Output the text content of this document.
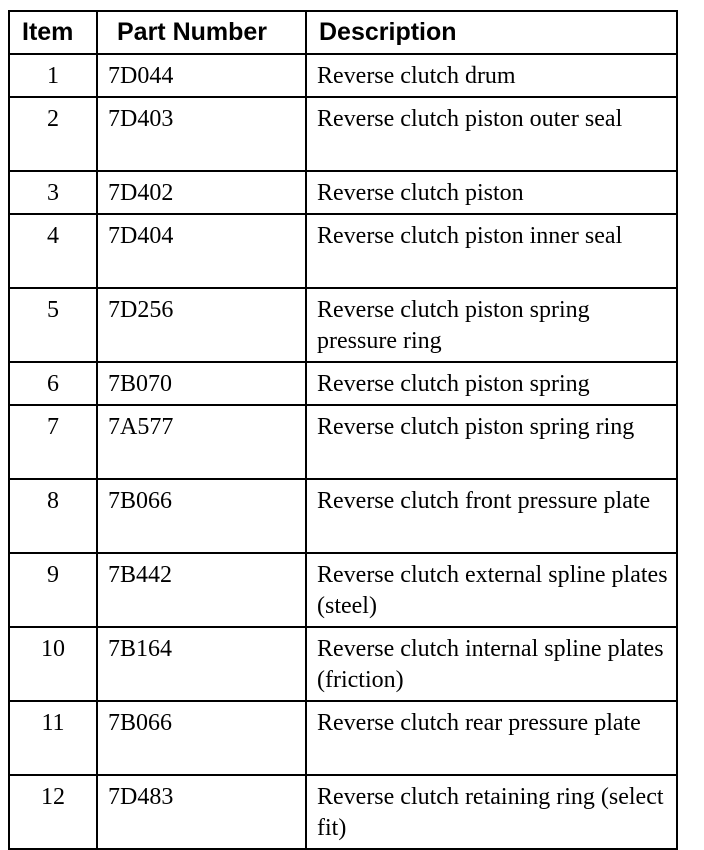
Item	Part Number	Description
1	7D044	Reverse clutch drum
2	7D403	Reverse clutch piston outer seal
3	7D402	Reverse clutch piston
4	7D404	Reverse clutch piston inner seal
5	7D256	Reverse clutch piston spring pressure ring
6	7B070	Reverse clutch piston spring
7	7A577	Reverse clutch piston spring ring
8	7B066	Reverse clutch front pressure plate
9	7B442	Reverse clutch external spline plates (steel)
10	7B164	Reverse clutch internal spline plates (friction)
11	7B066	Reverse clutch rear pressure plate
12	7D483	Reverse clutch retaining ring (select fit)
